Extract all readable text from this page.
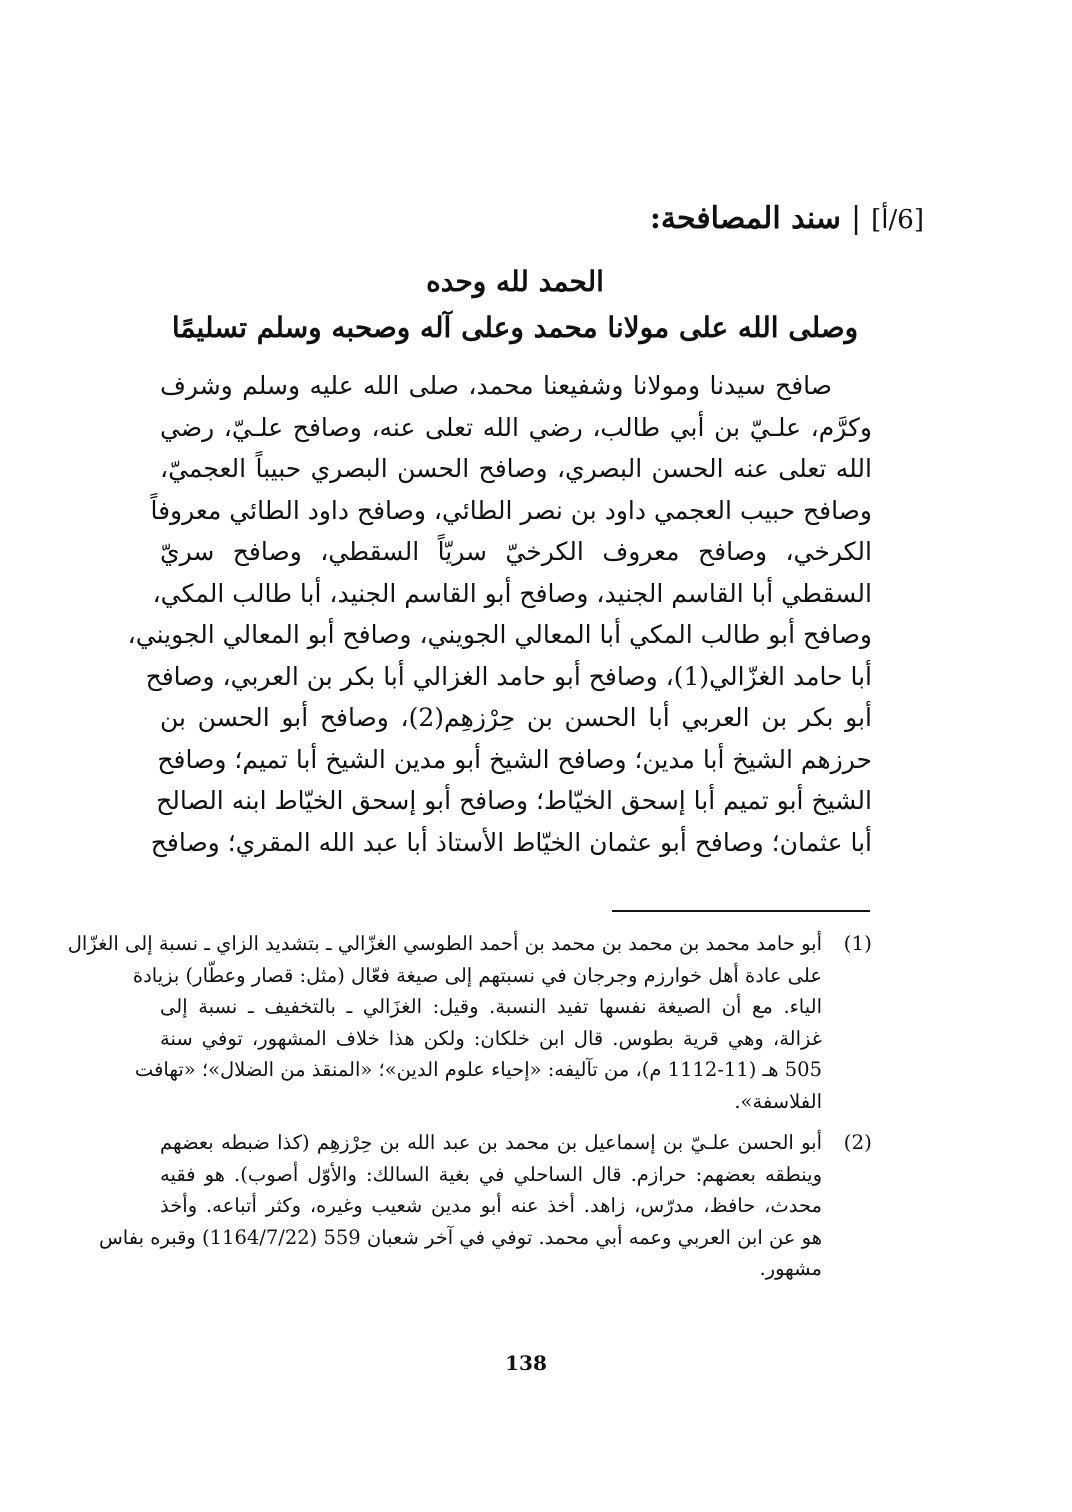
[6/أ]|سند المصافحة:
الحمد لله وحده
وصلى الله على مولانا محمد وعلى آله وصحبه وسلم تسليمًا
صافح سيدنا ومولانا وشفيعنا محمد، صلى الله عليه وسلم وشرف
وكرَّم، علـيّ بن أبي طالب، رضي الله تعلى عنه، وصافح علـيّ، رضي
الله تعلى عنه الحسن البصري، وصافح الحسن البصري حبيباً العجميّ،
وصافح حبيب العجمي داود بن نصر الطائي، وصافح داود الطائي معروفاً
الكرخي، وصافح معروف الكرخيّ سريّاً السقطي، وصافح سريّ
السقطي أبا القاسم الجنيد، وصافح أبو القاسم الجنيد، أبا طالب المكي،
وصافح أبو طالب المكي أبا المعالي الجويني، وصافح أبو المعالي الجويني،
أبا حامد الغزّالي(1)، وصافح أبو حامد الغزالي أبا بكر بن العربي، وصافح
أبو بكر بن العربي أبا الحسن بن حِرْزهِم(2)، وصافح أبو الحسن بن
حرزهم الشيخ أبا مدين؛ وصافح الشيخ أبو مدين الشيخ أبا تميم؛ وصافح
الشيخ أبو تميم أبا إسحق الخيّاط؛ وصافح أبو إسحق الخيّاط ابنه الصالح
أبا عثمان؛ وصافح أبو عثمان الخيّاط الأستاذ أبا عبد الله المقري؛ وصافح
(1)
أبو حامد محمد بن محمد بن محمد بن أحمد الطوسي الغزّالي ـ بتشديد الزاي ـ نسبة إلى الغزّال
على عادة أهل خوارزم وجرجان في نسبتهم إلى صيغة فعّال (مثل: قصار وعطّار) بزيادة
الياء. مع أن الصيغة نفسها تفيد النسبة. وقيل: الغزَالي ـ بالتخفيف ـ نسبة إلى
غزالة، وهي قرية بطوس. قال ابن خلكان: ولكن هذا خلاف المشهور، توفي سنة
505 هـ (11-1112 م)، من تآليفه: «إحياء علوم الدين»؛ «المنقذ من الضلال»؛ «تهافت
الفلاسفة».
(2)
أبو الحسن علـيّ بن إسماعيل بن محمد بن عبد الله بن حِرْزهِم (كذا ضبطه بعضهم
وينطقه بعضهم: حرازم. قال الساحلي في بغية السالك: والأوّل أصوب). هو فقيه
محدث، حافظ، مدرّس، زاهد. أخذ عنه أبو مدين شعيب وغيره، وكثر أتباعه. وأخذ
هو عن ابن العربي وعمه أبي محمد. توفي في آخر شعبان 559 (1164/7/22) وقبره بفاس
مشهور.
138
